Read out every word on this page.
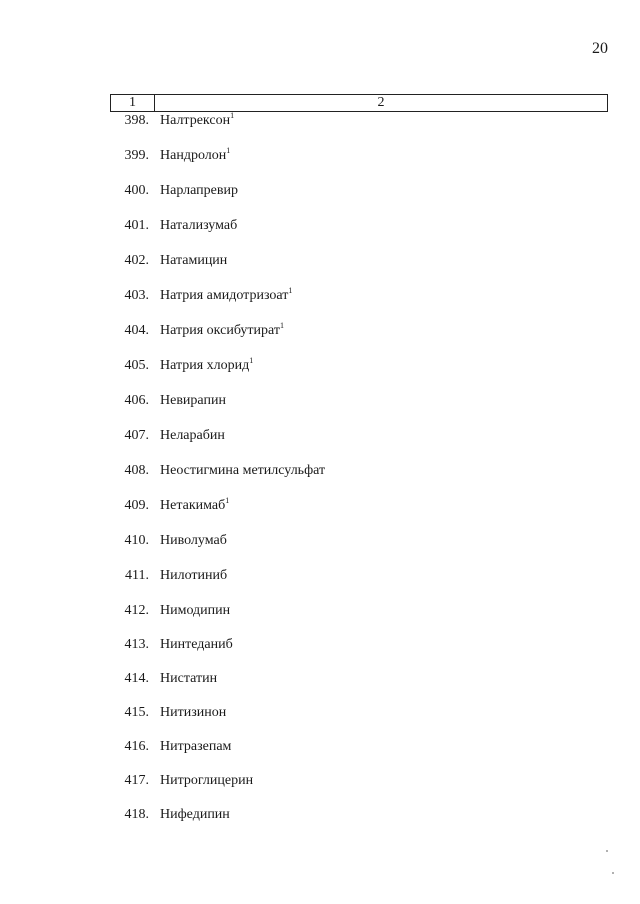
20
1	2
398. Налтрексон$^1$
399. Нандролон$^1$
400. Нарлапревир
401. Натализумаб
402. Натамицин
403. Натрия амидотризоат$^1$
404. Натрия оксибутират$^1$
405. Натрия хлорид$^1$
406. Невирапин
407. Неларабин
408. Неостигмина метилсульфат
409. Нетакимаб$^1$
410. Ниволумаб
411. Нилотиниб
412. Нимодипин
413. Нинтеданиб
414. Нистатин
415. Нитизинон
416. Нитразепам
417. Нитроглицерин
418. Нифедипин
